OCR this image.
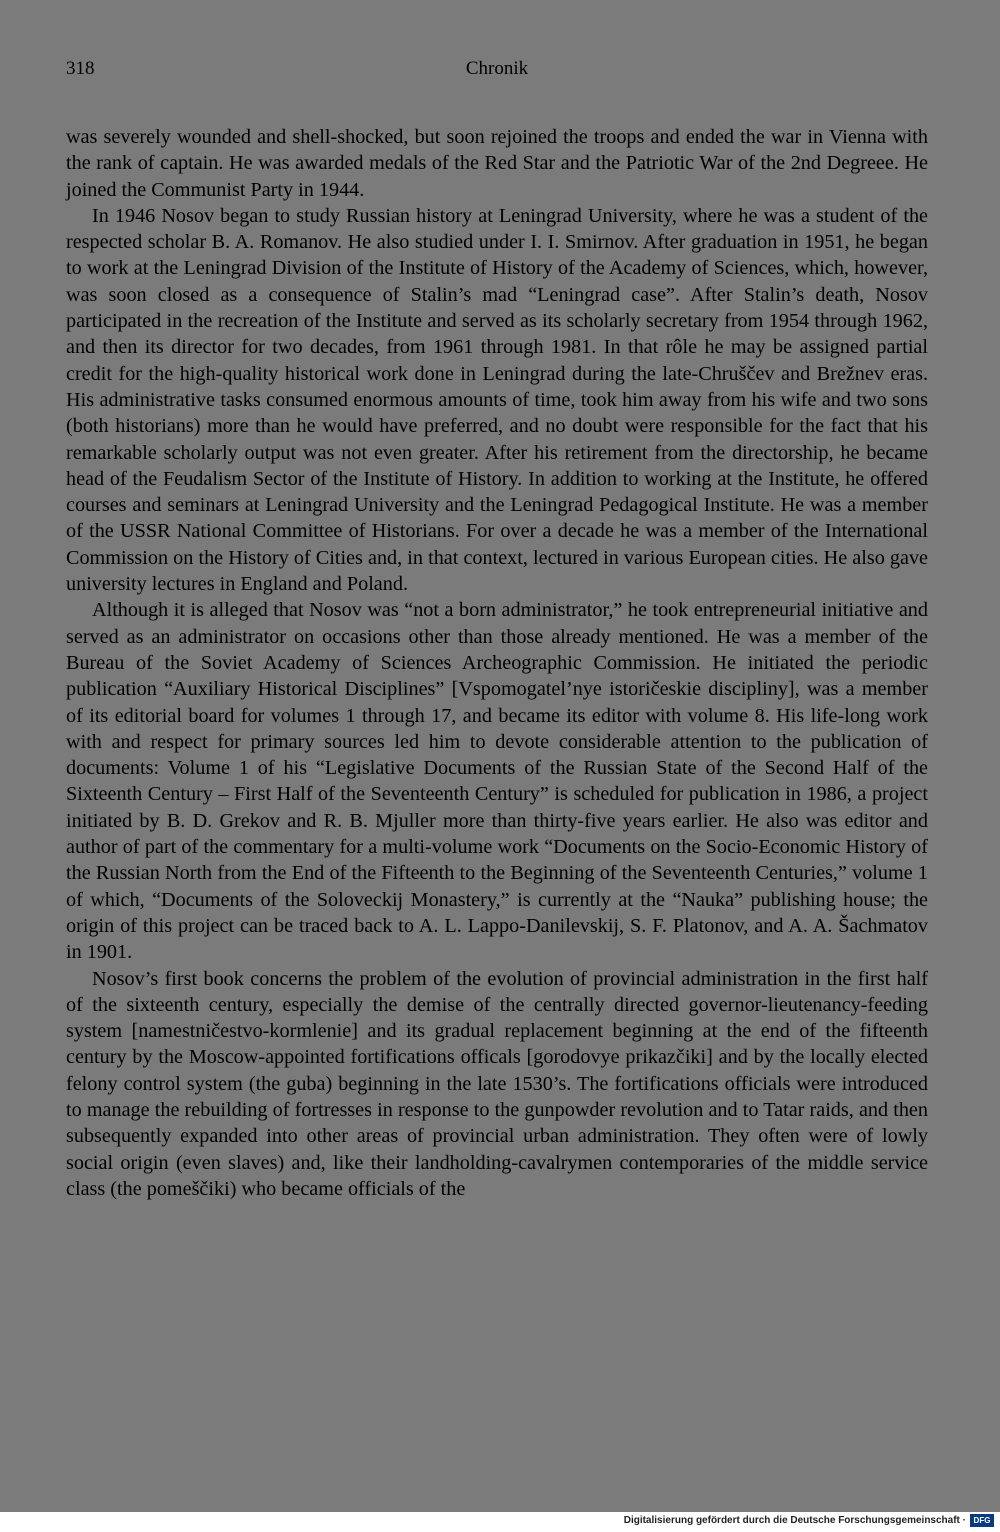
318	Chronik

was severely wounded and shell-shocked, but soon rejoined the troops and ended the war in Vienna with the rank of captain. He was awarded medals of the Red Star and the Patriotic War of the 2nd Degreee. He joined the Communist Party in 1944.

In 1946 Nosov began to study Russian history at Leningrad University, where he was a student of the respected scholar B. A. Romanov. He also studied under I. I. Smirnov. After graduation in 1951, he began to work at the Leningrad Division of the Institute of History of the Academy of Sciences, which, however, was soon closed as a consequence of Stalin’s mad “Leningrad case”. After Stalin’s death, Nosov participated in the recreation of the Institute and served as its scholarly secretary from 1954 through 1962, and then its director for two decades, from 1961 through 1981. In that rôle he may be assigned partial credit for the high-quality historical work done in Leningrad during the late-Chruščev and Brežnev eras. His administrative tasks consumed enormous amounts of time, took him away from his wife and two sons (both historians) more than he would have preferred, and no doubt were responsible for the fact that his remarkable scholarly output was not even greater. After his retirement from the directorship, he became head of the Feudalism Sector of the Institute of History. In addition to working at the Institute, he offered courses and seminars at Leningrad University and the Leningrad Pedagogical Institute. He was a member of the USSR National Committee of Historians. For over a decade he was a member of the International Commission on the History of Cities and, in that context, lectured in various European cities. He also gave university lectures in England and Poland.

Although it is alleged that Nosov was “not a born administrator,” he took entrepreneurial initiative and served as an administrator on occasions other than those already mentioned. He was a member of the Bureau of the Soviet Academy of Sciences Archeographic Commission. He initiated the periodic publication “Auxiliary Historical Disciplines” [Vspomogatel’nye istoričeskie discipliny], was a member of its editorial board for volumes 1 through 17, and became its editor with volume 8. His life-long work with and respect for primary sources led him to devote considerable attention to the publication of documents: Volume 1 of his “Legislative Documents of the Russian State of the Second Half of the Sixteenth Century – First Half of the Seventeenth Century” is scheduled for publication in 1986, a project initiated by B. D. Grekov and R. B. Mjuller more than thirty-five years earlier. He also was editor and author of part of the commentary for a multi-volume work “Documents on the Socio-Economic History of the Russian North from the End of the Fifteenth to the Beginning of the Seventeenth Centuries,” volume 1 of which, “Documents of the Soloveckij Monastery,” is currently at the “Nauka” publishing house; the origin of this project can be traced back to A. L. Lappo-Danilevskij, S. F. Platonov, and A. A. Šachmatov in 1901.

Nosov’s first book concerns the problem of the evolution of provincial administration in the first half of the sixteenth century, especially the demise of the centrally directed governor-lieutenancy-feeding system [namestničestvo-kormlenie] and its gradual replacement beginning at the end of the fifteenth century by the Moscow-appointed fortifications officals [gorodovye prikazčiki] and by the locally elected felony control system (the guba) beginning in the late 1530’s. The fortifications officials were introduced to manage the rebuilding of fortresses in response to the gunpowder revolution and to Tatar raids, and then subsequently expanded into other areas of provincial urban administration. They often were of lowly social origin (even slaves) and, like their landholding-cavalrymen contemporaries of the middle service class (the pomeščiki) who became officials of the

Digitalisierung gefördert durch die Deutsche Forschungsgemeinschaft · DFG
